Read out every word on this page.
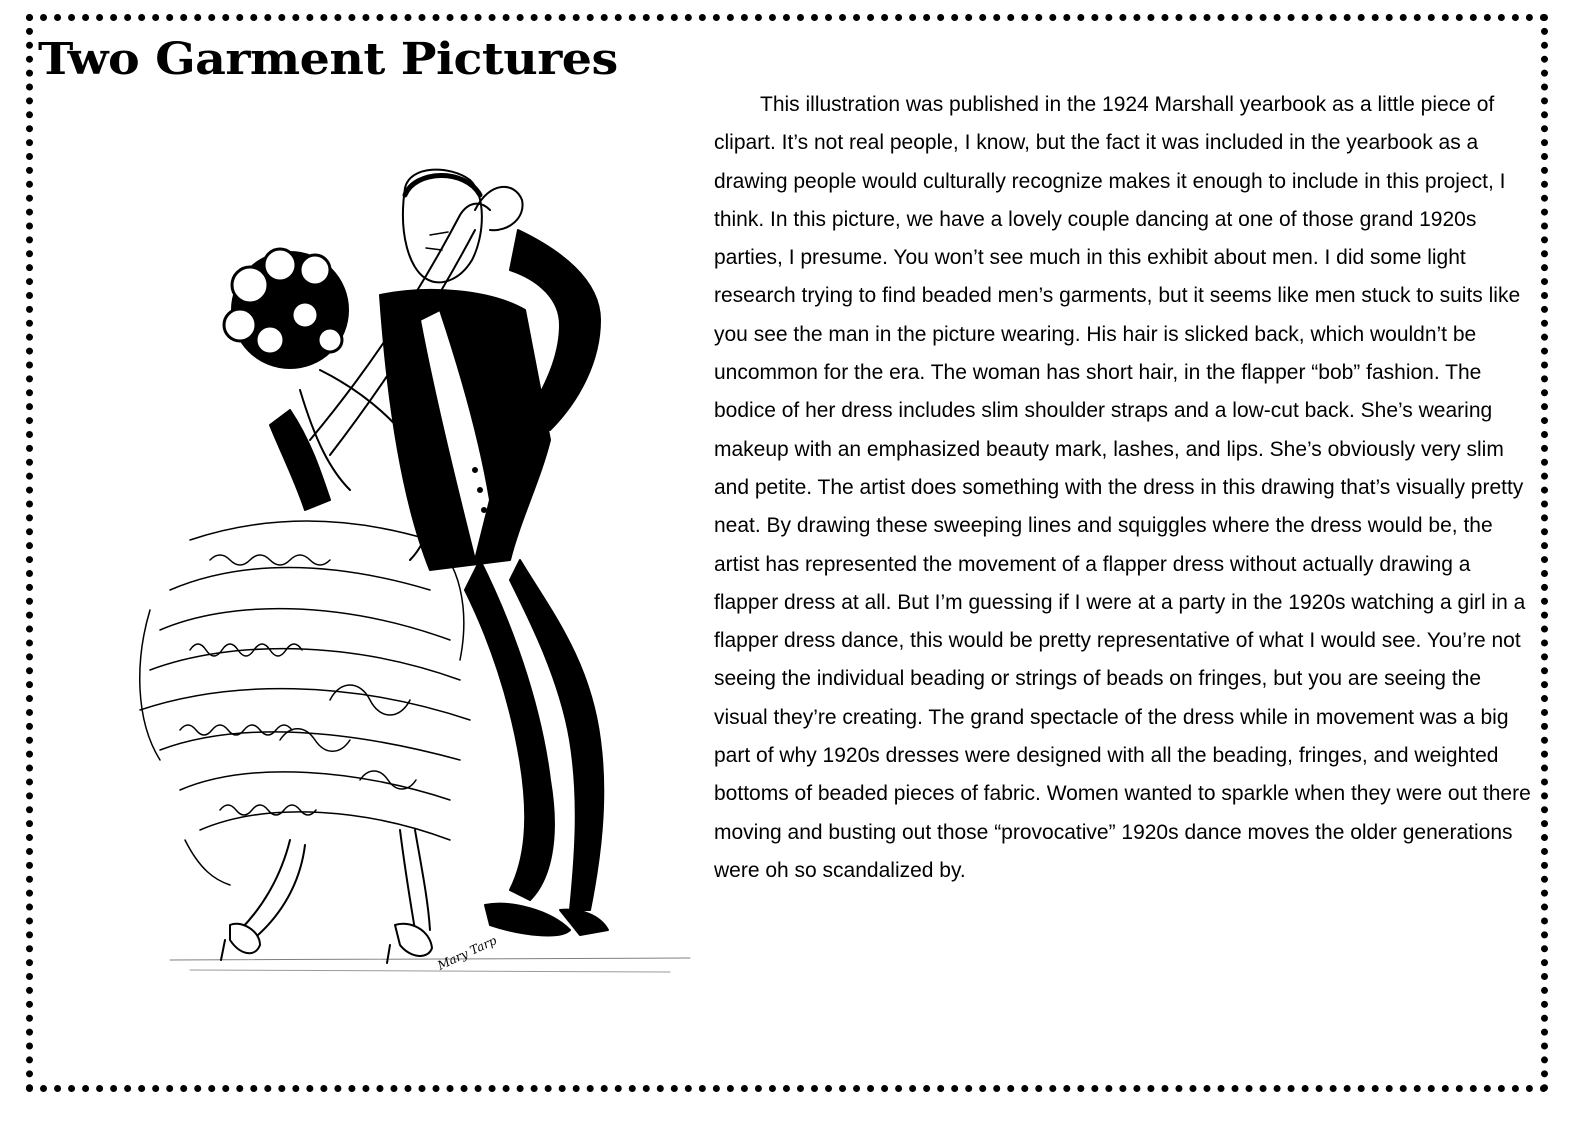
Two Garment Pictures
Mary Tarp

This illustration was published in the 1924 Marshall yearbook as a little piece of clipart. It’s not real people, I know, but the fact it was included in the yearbook as a drawing people would culturally recognize makes it enough to include in this project, I think. In this picture, we have a lovely couple dancing at one of those grand 1920s parties, I presume. You won’t see much in this exhibit about men. I did some light research trying to find beaded men’s garments, but it seems like men stuck to suits like you see the man in the picture wearing. His hair is slicked back, which wouldn’t be uncommon for the era. The woman has short hair, in the flapper “bob” fashion. The bodice of her dress includes slim shoulder straps and a low-cut back. She’s wearing makeup with an emphasized beauty mark, lashes, and lips. She’s obviously very slim and petite. The artist does something with the dress in this drawing that’s visually pretty neat. By drawing these sweeping lines and squiggles where the dress would be, the artist has represented the movement of a flapper dress without actually drawing a flapper dress at all. But I’m guessing if I were at a party in the 1920s watching a girl in a flapper dress dance, this would be pretty representative of what I would see. You’re not seeing the individual beading or strings of beads on fringes, but you are seeing the visual they’re creating. The grand spectacle of the dress while in movement was a big part of why 1920s dresses were designed with all the beading, fringes, and weighted bottoms of beaded pieces of fabric. Women wanted to sparkle when they were out there moving and busting out those “provocative” 1920s dance moves the older generations were oh so scandalized by.
